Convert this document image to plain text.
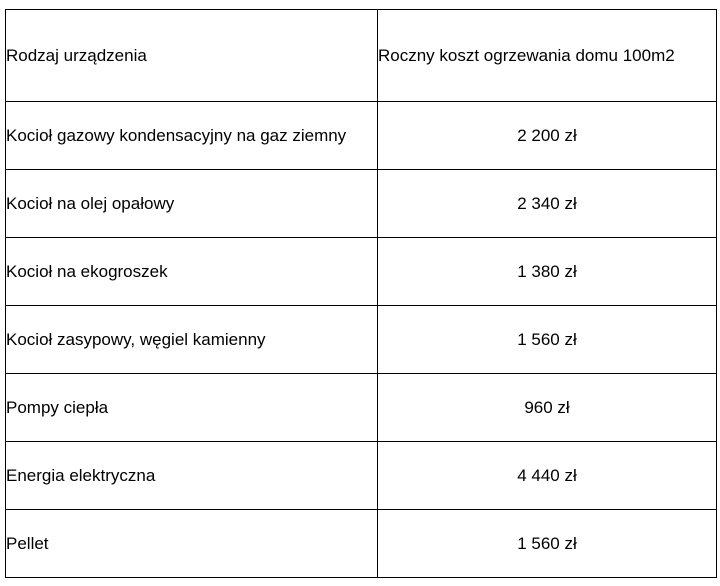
Rodzaj urządzenia	Roczny koszt ogrzewania domu 100m2
Kocioł gazowy kondensacyjny na gaz ziemny	2 200 zł
Kocioł na olej opałowy	2 340 zł
Kocioł na ekogroszek	1 380 zł
Kocioł zasypowy, węgiel kamienny	1 560 zł
Pompy ciepła	960 zł
Energia elektryczna	4 440 zł
Pellet	1 560 zł
